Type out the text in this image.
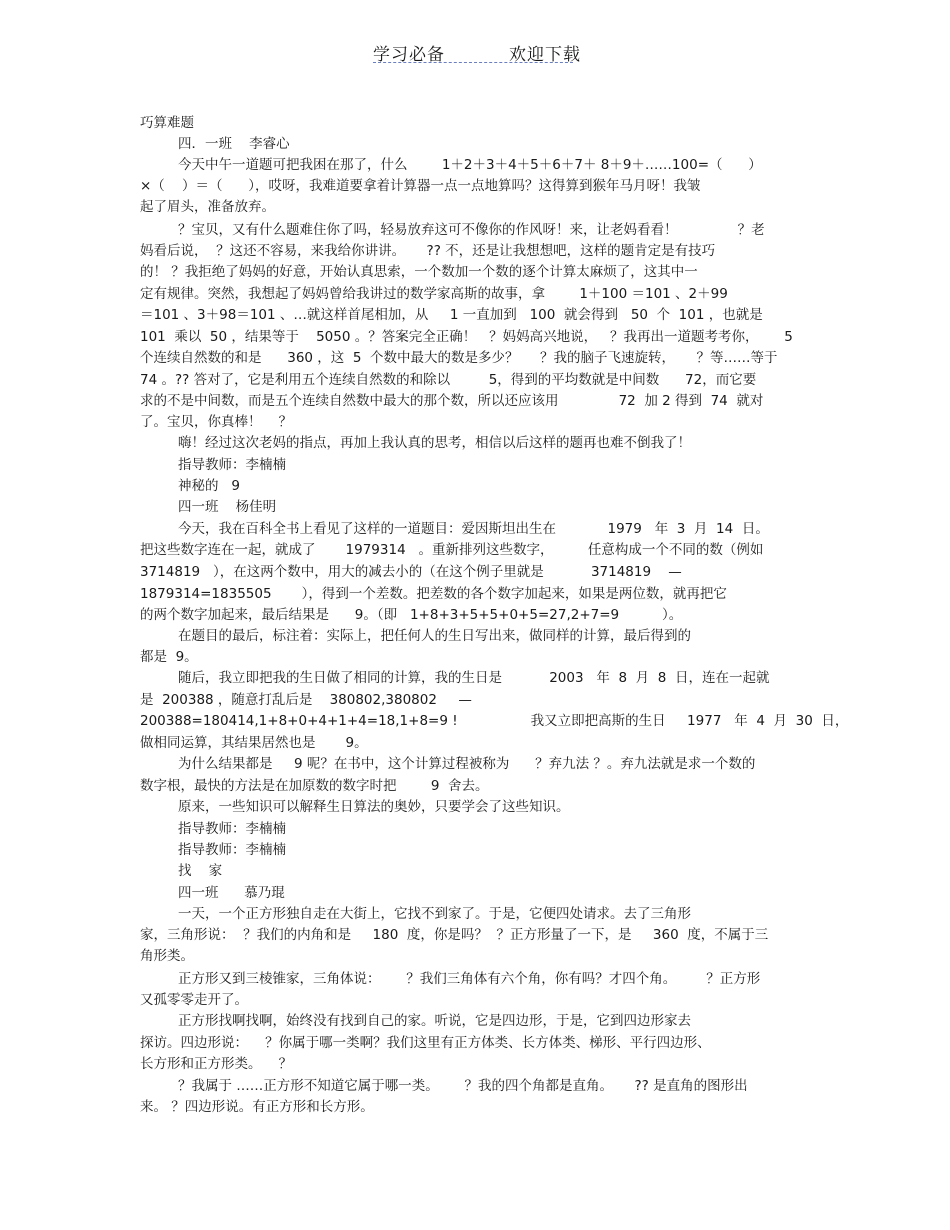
学习必备          欢迎下载
巧算难题
四．一班    李睿心
今天中午一道题可把我困在那了，什么        1＋2＋3＋4＋5＋6＋7＋ 8＋9＋……100=（      ）
×（    ）＝（      ），哎呀，我难道要拿着计算器一点一点地算吗？这得算到猴年马月呀！我皱
起了眉头，准备放弃。
？宝贝，又有什么题难住你了吗，轻易放弃这可不像你的作风呀！来，让老妈看看！              ？老
妈看后说，  ？这还不容易，来我给你讲讲。     ?? 不，还是让我想想吧，这样的题肯定是有技巧
的！ ？我拒绝了妈妈的好意，开始认真思索，一个数加一个数的逐个计算太麻烦了，这其中一
定有规律。突然，我想起了妈妈曾给我讲过的数学家高斯的故事，拿        1＋100 ＝101 、2＋99
＝101 、3＋98＝101 、…就这样首尾相加，从     1 一直加到   100  就会得到   50  个  101 ，也就是
101  乘以  50 ，结果等于    5050 。？答案完全正确！   ？妈妈高兴地说，   ？我再出一道题考考你，      5
个连续自然数的和是      360 ，这  5  个数中最大的数是多少？     ？我的脑子飞速旋转，     ？等……等于
74 。?? 答对了，它是利用五个连续自然数的和除以         5，得到的平均数就是中间数      72，而它要
求的不是中间数，而是五个连续自然数中最大的那个数，所以还应该用              72  加 2 得到  74  就对
了。宝贝，你真棒！    ？
嗨！经过这次老妈的指点，再加上我认真的思考，相信以后这样的题再也难不倒我了！
指导教师：李楠楠
神秘的   9
四一班    杨佳明
今天，我在百科全书上看见了这样的一道题目：爱因斯坦出生在            1979   年  3  月  14  日。
把这些数字连在一起，就成了       1979314   。重新排列这些数字，        任意构成一个不同的数（例如
3714819   ），在这两个数中，用大的减去小的（在这个例子里就是           3714819    —
1879314=1835505       ），得到一个差数。把差数的各个数字加起来，如果是两位数，就再把它
的两个数字加起来，最后结果是      9。（即   1+8+3+5+5+0+5=27,2+7=9          ）。
在题目的最后，标注着：实际上，把任何人的生日写出来，做同样的计算，最后得到的
都是  9。
随后，我立即把我的生日做了相同的计算，我的生日是           2003   年  8  月  8  日，连在一起就
是  200388 ，随意打乱后是    380802,380802     —
200388=180414,1+8+0+4+1+4=18,1+8=9 !                 我又立即把高斯的生日     1977   年  4  月  30  日，
做相同运算，其结果居然也是       9。
为什么结果都是     9 呢？在书中，这个计算过程被称为      ？弃九法 ？。弃九法就是求一个数的
数字根，最快的方法是在加原数的数字时把        9  舍去。
原来，一些知识可以解释生日算法的奥妙，只要学会了这些知识。
指导教师：李楠楠
指导教师：李楠楠
找    家
四一班      慕乃琨
一天，一个正方形独自走在大街上，它找不到家了。于是，它便四处请求。去了三角形
家，三角形说：  ？我们的内角和是     180  度，你是吗？  ？正方形量了一下，是     360  度，不属于三
角形类。
正方形又到三棱锥家，三角体说：      ？我们三角体有六个角，你有吗？才四个角。       ？正方形
又孤零零走开了。
正方形找啊找啊，始终没有找到自己的家。听说，它是四边形，于是，它到四边形家去
探访。四边形说：    ？你属于哪一类啊？我们这里有正方体类、长方体类、梯形、平行四边形、
长方形和正方形类。    ？
？我属于 ……正方形不知道它属于哪一类。      ？我的四个角都是直角。     ?? 是直角的图形出
来。 ？四边形说。有正方形和长方形。
